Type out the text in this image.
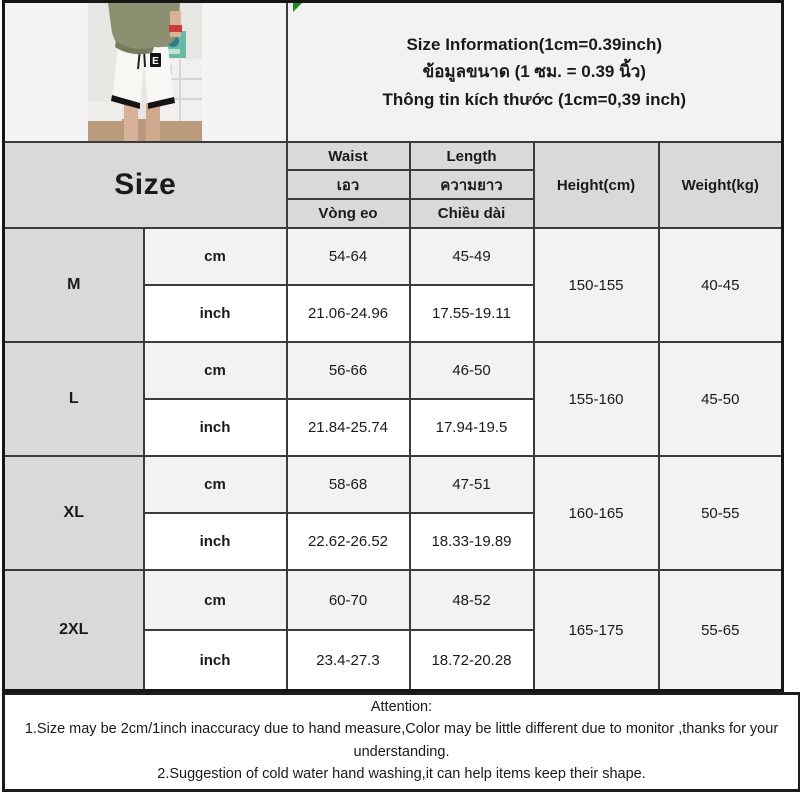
E		Size Information(1cm=0.39inch)
ข้อมูลขนาด (1 ซม. = 0.39 นิ้ว)
Thông tin kích thước (1cm=0,39 inch)			

Size		Waist	Length	Height(cm)	Weight(kg)
		เอว	ความยาว		
		Vòng eo	Chiều dài		
M	cm	54-64	45-49	150-155	40-45
	inch	21.06-24.96	17.55-19.11		
L	cm	56-66	46-50	155-160	45-50
	inch	21.84-25.74	17.94-19.5		
XL	cm	58-68	47-51	160-165	50-55
	inch	22.62-26.52	18.33-19.89		
2XL	cm	60-70	48-52	165-175	55-65
	inch	23.4-27.3	18.72-20.28		
Attention:
1.Size may be 2cm/1inch inaccuracy due to hand measure,Color may be little different due to monitor ,thanks for your understanding.
2.Suggestion of cold water hand washing,it can help items keep their shape.
